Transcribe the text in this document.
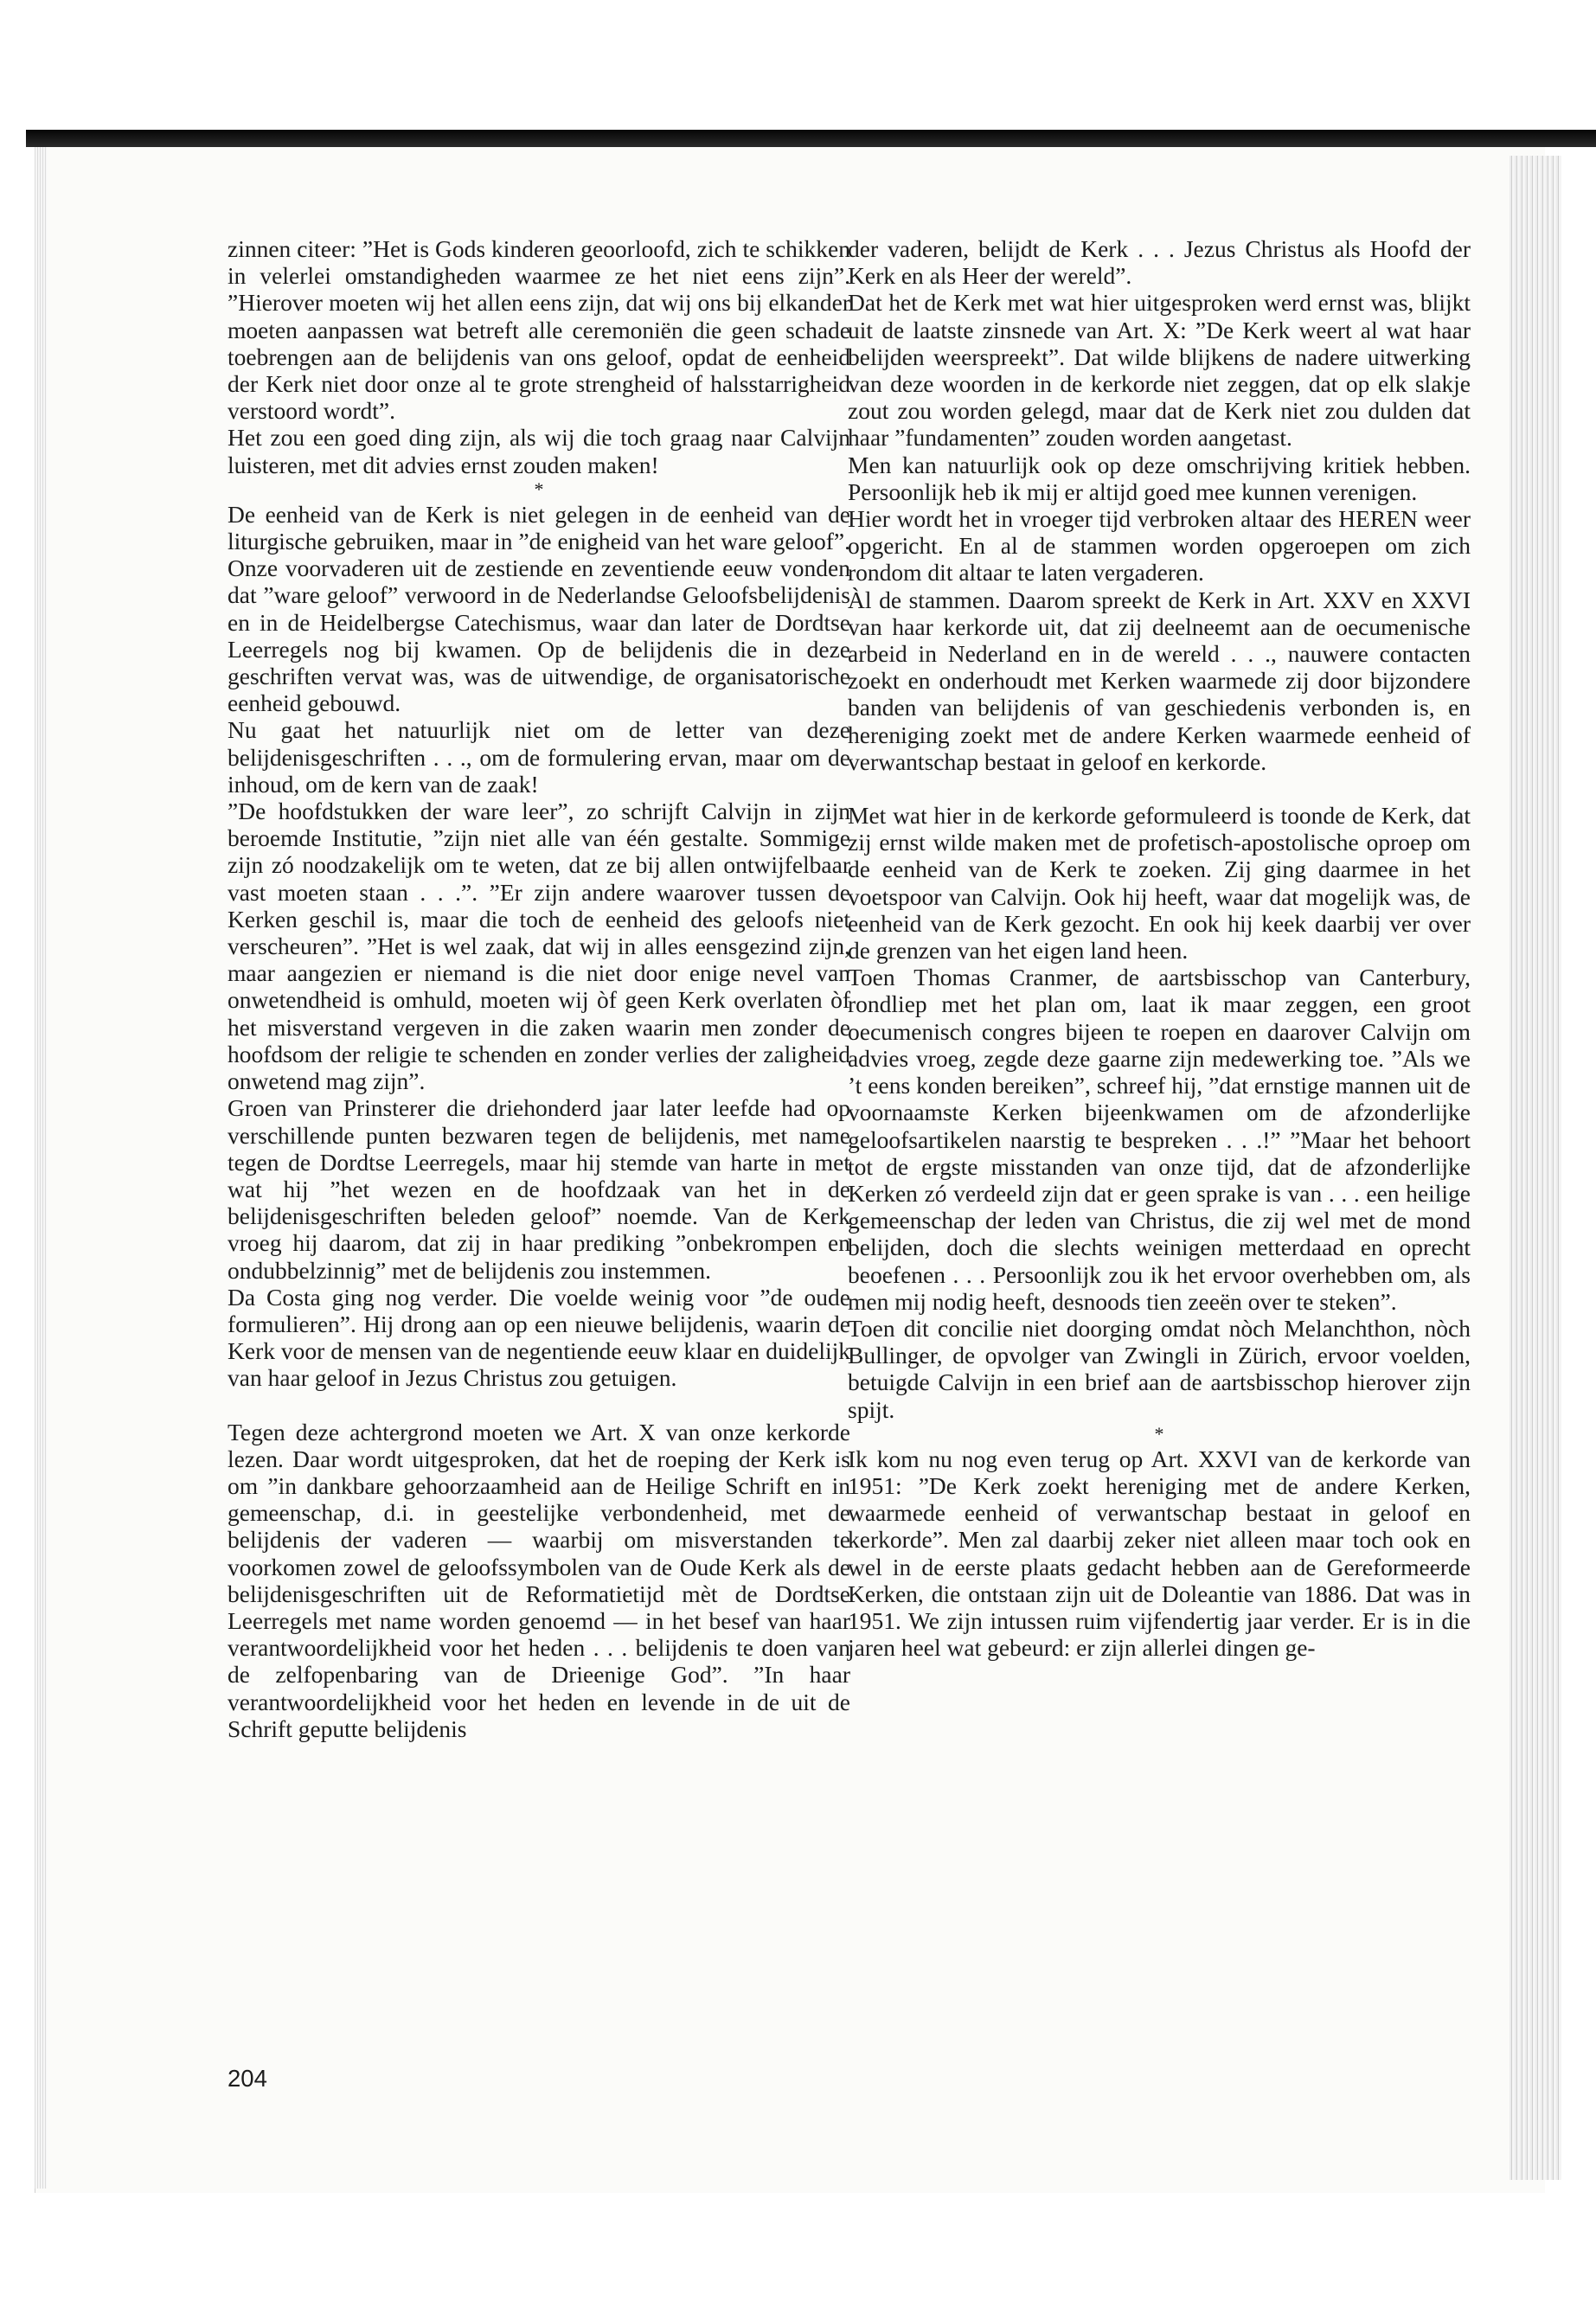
zinnen citeer: ”Het is Gods kinderen geoorloofd, zich te schikken in velerlei omstandigheden waarmee ze het niet eens zijn”. ”Hierover moeten wij het allen eens zijn, dat wij ons bij elkander moeten aanpassen wat betreft alle ceremoniën die geen schade toebrengen aan de belijdenis van ons geloof, opdat de eenheid der Kerk niet door onze al te grote strengheid of halsstarrigheid verstoord wordt”.

Het zou een goed ding zijn, als wij die toch graag naar Calvijn luisteren, met dit advies ernst zouden maken!

*

De eenheid van de Kerk is niet gelegen in de eenheid van de liturgische gebruiken, maar in ”de enigheid van het ware geloof”. Onze voorvaderen uit de zestiende en zeventiende eeuw vonden dat ”ware geloof” verwoord in de Nederlandse Geloofsbelijdenis en in de Heidelbergse Catechismus, waar dan later de Dordtse Leerregels nog bij kwamen. Op de belijdenis die in deze geschriften vervat was, was de uitwendige, de organisatorische eenheid gebouwd.

Nu gaat het natuurlijk niet om de letter van deze belijdenisgeschriften . . ., om de formulering ervan, maar om de inhoud, om de kern van de zaak!

”De hoofdstukken der ware leer”, zo schrijft Calvijn in zijn beroemde Institutie, ”zijn niet alle van één gestalte. Sommige zijn zó noodzakelijk om te weten, dat ze bij allen ontwijfelbaar vast moeten staan . . .”. ”Er zijn andere waarover tussen de Kerken geschil is, maar die toch de eenheid des geloofs niet verscheuren”. ”Het is wel zaak, dat wij in alles eensgezind zijn, maar aangezien er niemand is die niet door enige nevel van onwetendheid is omhuld, moeten wij òf geen Kerk overlaten òf het misverstand vergeven in die zaken waarin men zonder de hoofdsom der religie te schenden en zonder verlies der zaligheid onwetend mag zijn”.

Groen van Prinsterer die driehonderd jaar later leefde had op verschillende punten bezwaren tegen de belijdenis, met name tegen de Dordtse Leerregels, maar hij stemde van harte in met wat hij ”het wezen en de hoofdzaak van het in de belijdenisgeschriften beleden geloof” noemde. Van de Kerk vroeg hij daarom, dat zij in haar prediking ”onbekrompen en ondubbelzinnig” met de belijdenis zou instemmen.

Da Costa ging nog verder. Die voelde weinig voor ”de oude formulieren”. Hij drong aan op een nieuwe belijdenis, waarin de Kerk voor de mensen van de negentiende eeuw klaar en duidelijk van haar geloof in Jezus Christus zou getuigen.

Tegen deze achtergrond moeten we Art. X van onze kerkorde lezen. Daar wordt uitgesproken, dat het de roeping der Kerk is om ”in dankbare gehoorzaamheid aan de Heilige Schrift en in gemeenschap, d.i. in geestelijke verbondenheid, met de belijdenis der vaderen — waarbij om misverstanden te voorkomen zowel de geloofssymbolen van de Oude Kerk als de belijdenisgeschriften uit de Reformatietijd mèt de Dordtse Leerregels met name worden genoemd — in het besef van haar verantwoordelijkheid voor het heden . . . belijdenis te doen van de zelfopenbaring van de Drieenige God”. ”In haar verantwoordelijkheid voor het heden en levende in de uit de Schrift geputte belijdenis

204

der vaderen, belijdt de Kerk . . . Jezus Christus als Hoofd der Kerk en als Heer der wereld”.

Dat het de Kerk met wat hier uitgesproken werd ernst was, blijkt uit de laatste zinsnede van Art. X: ”De Kerk weert al wat haar belijden weerspreekt”. Dat wilde blijkens de nadere uitwerking van deze woorden in de kerkorde niet zeggen, dat op elk slakje zout zou worden gelegd, maar dat de Kerk niet zou dulden dat haar ”fundamenten” zouden worden aangetast.

Men kan natuurlijk ook op deze omschrijving kritiek hebben. Persoonlijk heb ik mij er altijd goed mee kunnen verenigen.

Hier wordt het in vroeger tijd verbroken altaar des HEREN weer opgericht. En al de stammen worden opgeroepen om zich rondom dit altaar te laten vergaderen.

Àl de stammen. Daarom spreekt de Kerk in Art. XXV en XXVI van haar kerkorde uit, dat zij deelneemt aan de oecumenische arbeid in Nederland en in de wereld . . ., nauwere contacten zoekt en onderhoudt met Kerken waarmede zij door bijzondere banden van belijdenis of van geschiedenis verbonden is, en hereniging zoekt met de andere Kerken waarmede eenheid of verwantschap bestaat in geloof en kerkorde.

Met wat hier in de kerkorde geformuleerd is toonde de Kerk, dat zij ernst wilde maken met de profetisch-apostolische oproep om de eenheid van de Kerk te zoeken. Zij ging daarmee in het voetspoor van Calvijn. Ook hij heeft, waar dat mogelijk was, de eenheid van de Kerk gezocht. En ook hij keek daarbij ver over de grenzen van het eigen land heen.

Toen Thomas Cranmer, de aartsbisschop van Canterbury, rondliep met het plan om, laat ik maar zeggen, een groot oecumenisch congres bijeen te roepen en daarover Calvijn om advies vroeg, zegde deze gaarne zijn medewerking toe. ”Als we ’t eens konden bereiken”, schreef hij, ”dat ernstige mannen uit de voornaamste Kerken bijeenkwamen om de afzonderlijke geloofsartikelen naarstig te bespreken . . .!” ”Maar het behoort tot de ergste misstanden van onze tijd, dat de afzonderlijke Kerken zó verdeeld zijn dat er geen sprake is van . . . een heilige gemeenschap der leden van Christus, die zij wel met de mond belijden, doch die slechts weinigen metterdaad en oprecht beoefenen . . . Persoonlijk zou ik het ervoor overhebben om, als men mij nodig heeft, desnoods tien zeeën over te steken”.

Toen dit concilie niet doorging omdat nòch Melanchthon, nòch Bullinger, de opvolger van Zwingli in Zürich, ervoor voelden, betuigde Calvijn in een brief aan de aartsbisschop hierover zijn spijt.

*

Ik kom nu nog even terug op Art. XXVI van de kerkorde van 1951: ”De Kerk zoekt hereniging met de andere Kerken, waarmede eenheid of verwantschap bestaat in geloof en kerkorde”. Men zal daarbij zeker niet alleen maar toch ook en wel in de eerste plaats gedacht hebben aan de Gereformeerde Kerken, die ontstaan zijn uit de Doleantie van 1886. Dat was in 1951. We zijn intussen ruim vijfendertig jaar verder. Er is in die jaren heel wat gebeurd: er zijn allerlei dingen ge-
